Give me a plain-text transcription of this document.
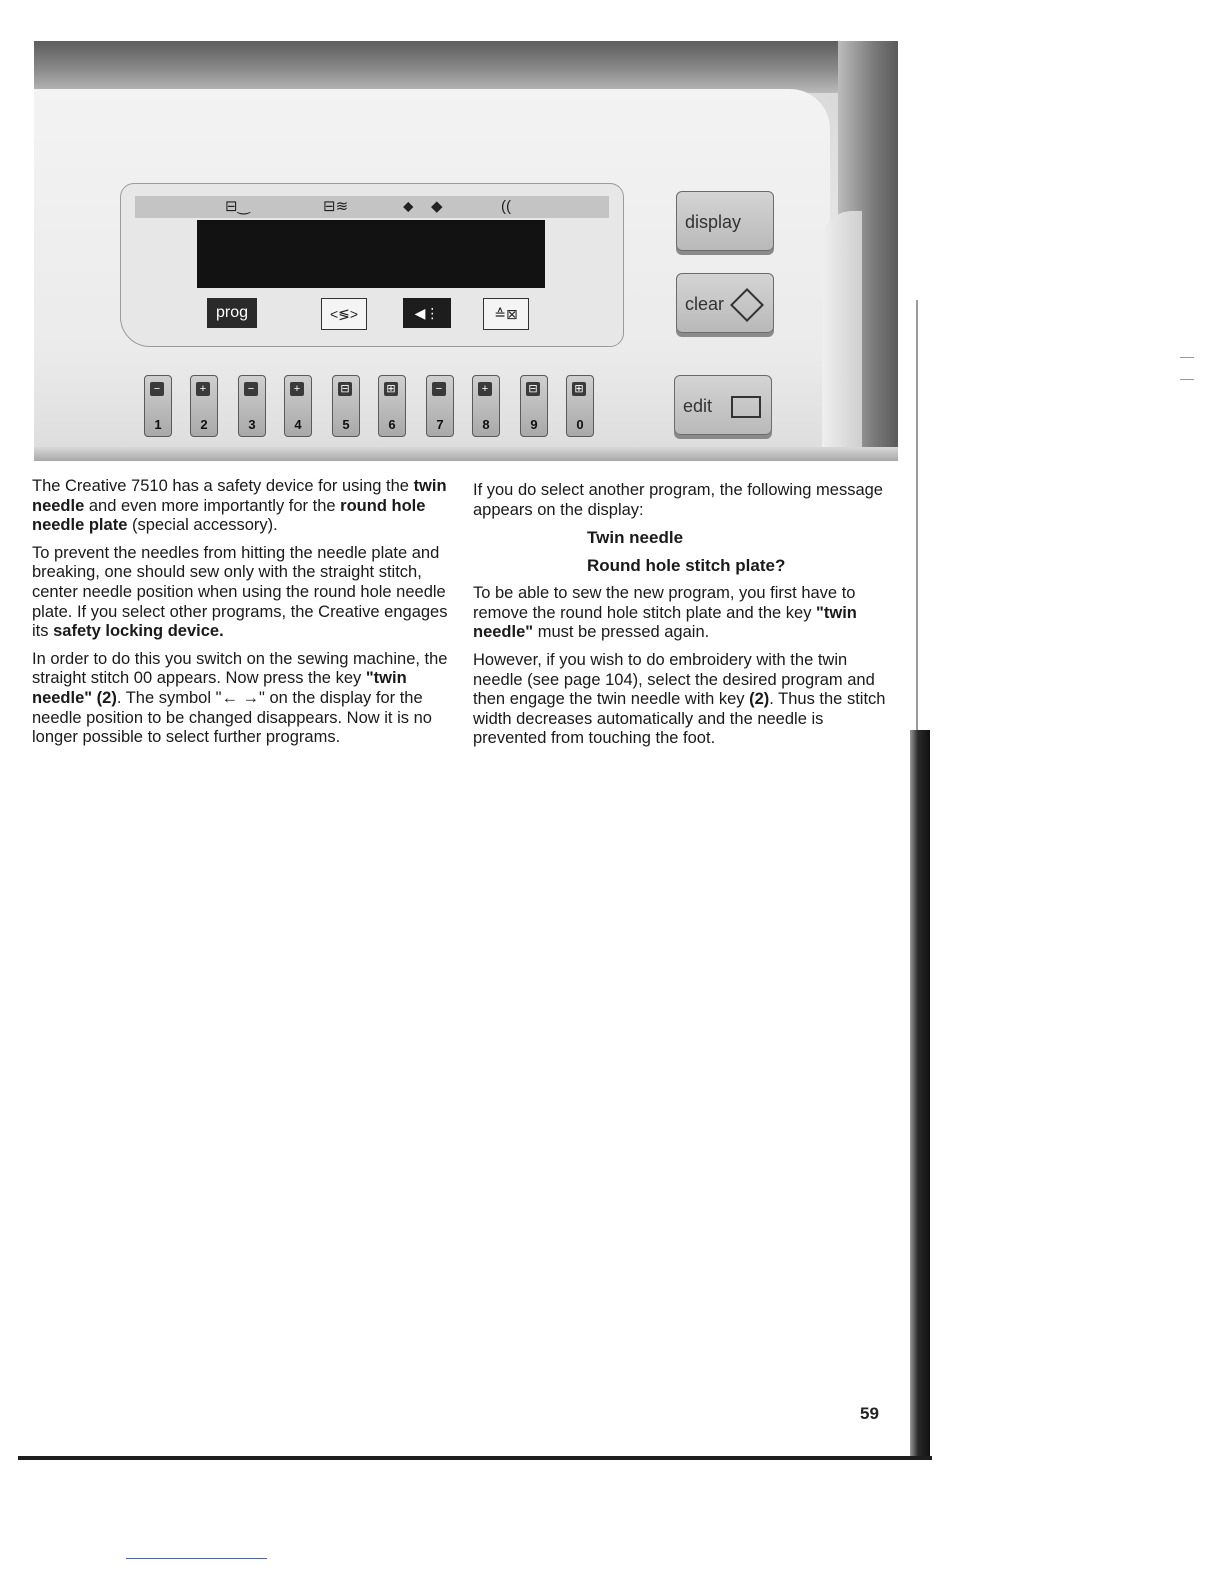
⊟‿	⊟≋	⬥ ◆	((
prog	<≶>	◀⋮	≙⊠
display
clear
edit
−
1
+
2
−
3
+
4
⊟
5
⊞
6
−
7
+
8
⊟
9
⊞
0

The Creative 7510 has a safety device for using the twin needle and even more importantly for the round hole needle plate (special accessory).

To prevent the needles from hitting the needle plate and breaking, one should sew only with the straight stitch, center needle position when using the round hole needle plate. If you select other programs, the Creative engages its safety locking device.

In order to do this you switch on the sewing machine, the straight stitch 00 appears. Now press the key "twin needle" (2). The symbol "← →" on the display for the needle position to be changed disappears. Now it is no longer possible to select further programs.

If you do select another program, the following message appears on the display:

Twin needle

Round hole stitch plate?

To be able to sew the new program, you first have to remove the round hole stitch plate and the key "twin needle" must be pressed again.

However, if you wish to do embroidery with the twin needle (see page 104), select the desired program and then engage the twin needle with key (2). Thus the stitch width decreases automatically and the needle is prevented from touching the foot.

59
